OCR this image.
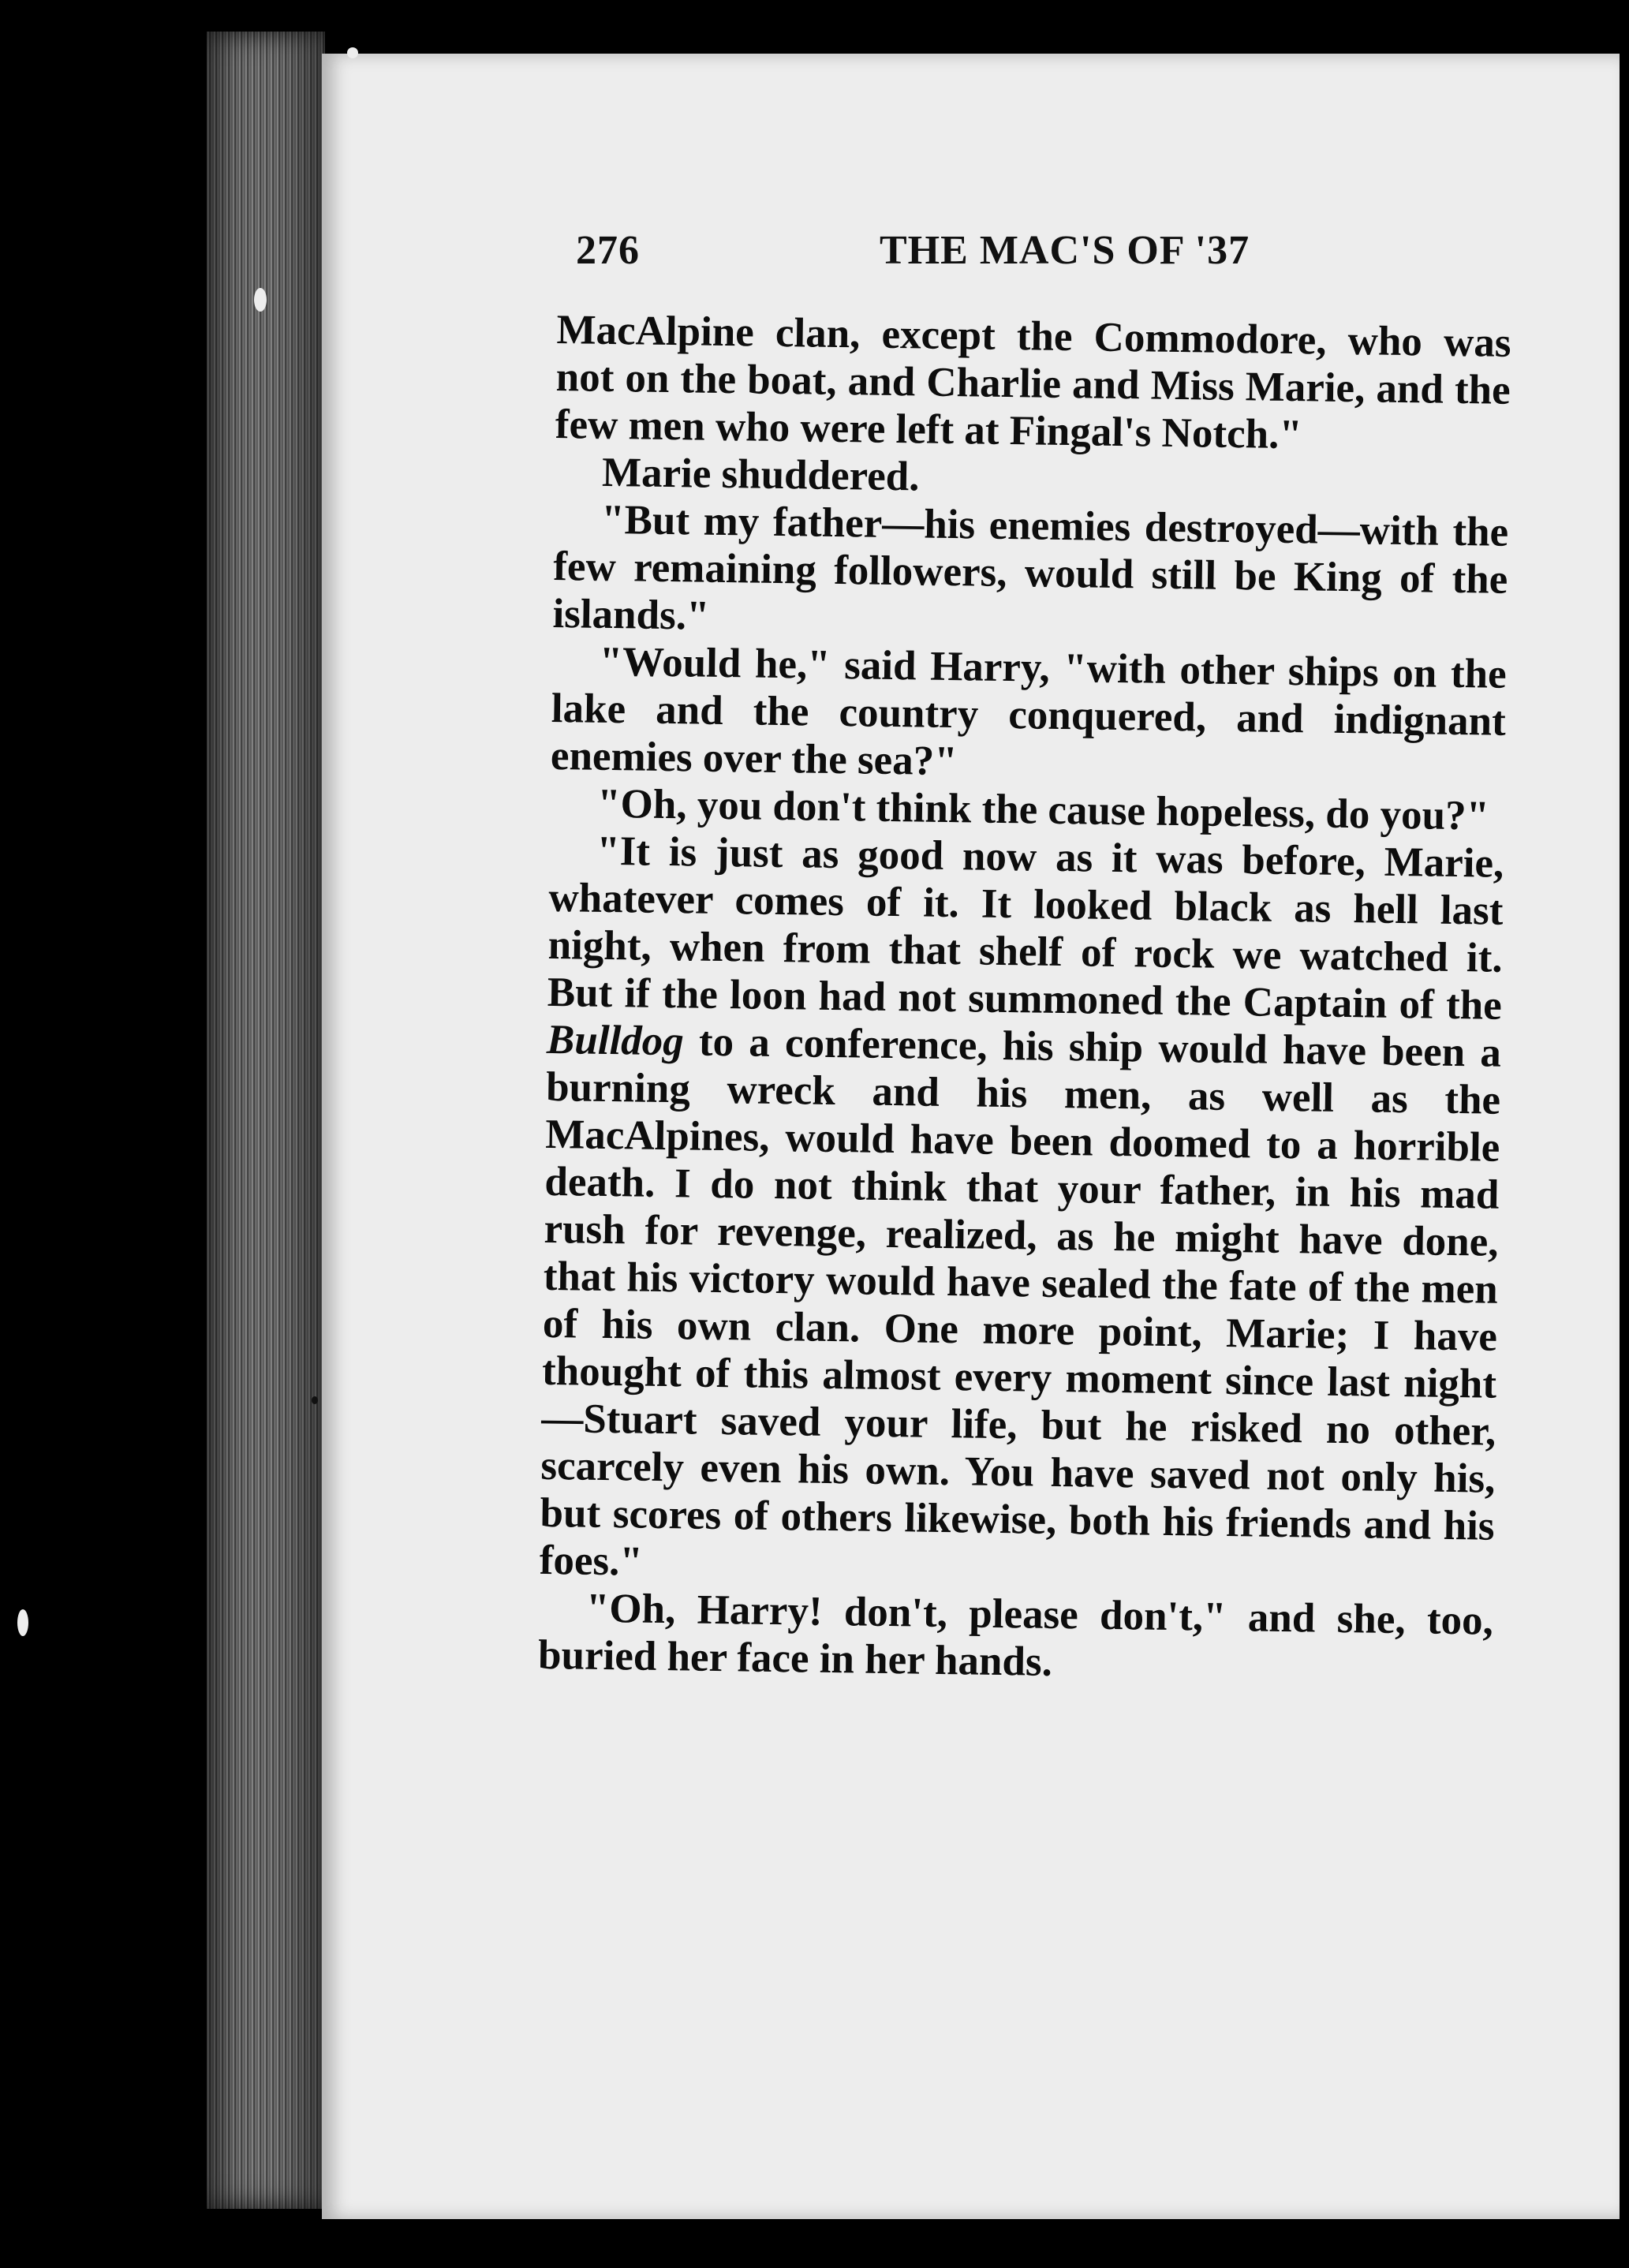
276	THE MAC'S OF '37

MacAlpine clan, except the Commodore, who was not on the boat, and Charlie and Miss Marie, and the few men who were left at Fingal's Notch."

Marie shuddered.

"But my father—his enemies destroyed—with the few remaining followers, would still be King of the islands."

"Would he," said Harry, "with other ships on the lake and the country conquered, and indignant enemies over the sea?"

"Oh, you don't think the cause hopeless, do you?"

"It is just as good now as it was before, Marie, whatever comes of it. It looked black as hell last night, when from that shelf of rock we watched it. But if the loon had not summoned the Captain of the Bulldog to a conference, his ship would have been a burning wreck and his men, as well as the MacAlpines, would have been doomed to a horrible death. I do not think that your father, in his mad rush for revenge, realized, as he might have done, that his victory would have sealed the fate of the men of his own clan. One more point, Marie; I have thought of this almost every moment since last night—Stuart saved your life, but he risked no other, scarcely even his own. You have saved not only his, but scores of others likewise, both his friends and his foes."

"Oh, Harry! don't, please don't," and she, too, buried her face in her hands.
